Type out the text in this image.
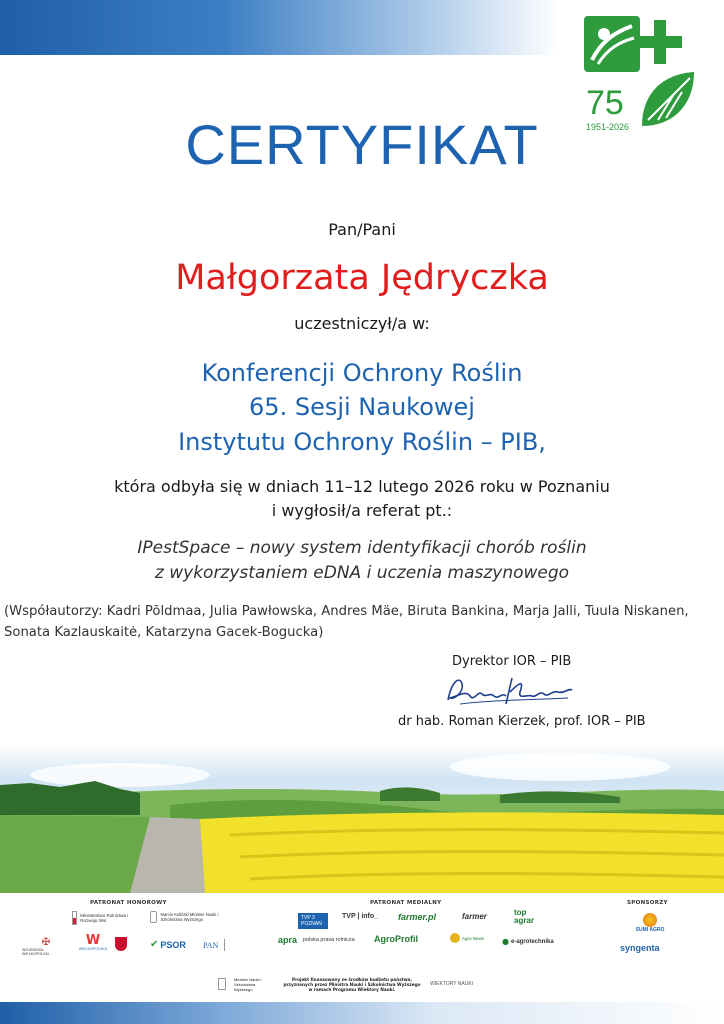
75
1951-2026
CERTYFIKAT
Pan/Pani
Małgorzata Jędryczka
uczestniczył/a w:
Konferencji Ochrony Roślin
65. Sesji Naukowej
Instytutu Ochrony Roślin – PIB,
która odbyła się w dniach 11–12 lutego 2026 roku w Poznaniu
i wygłosił/a referat pt.:
IPestSpace – nowy system identyfikacji chorób roślin
z wykorzystaniem eDNA i uczenia maszynowego
(Współautorzy: Kadri Põldmaa, Julia Pawłowska, Andres Mäe, Biruta Bankina, Marja Jalli, Tuula Niskanen, Sonata Kazlauskaitė, Katarzyna Gacek-Bogucka)
Dyrektor IOR – PIB
dr hab. Roman Kierzek, prof. IOR – PIB
PATRONAT HONOROWY	PATRONAT MEDIALNY	SPONSORZY
Ministerstwo Rolnictwa i Rozwoju Wsi
Marcin Kuliński Minister Nauki i Szkolnictwa Wyższego
✠
WOJEWODA WIELKOPOLSKI
W
WIELKOPOLSKA	✔ PSOR PAN
TVP 3 POZNAŃ
TVP | info_ farmer.pl	farmer	top agrar
apra polska prasa rolnicza AgroProfil	Agro News ● e-agrotechnika
SUMI AGRO
syngenta
Minister Nauki i Szkolnictwa Wyższego
Projekt finansowany ze środków budżetu państwa, przyznanych przez Ministra Nauki i Szkolnictwa Wyższego w ramach Programu Wiektory Nauki.
WIEKTORY NAUKI
